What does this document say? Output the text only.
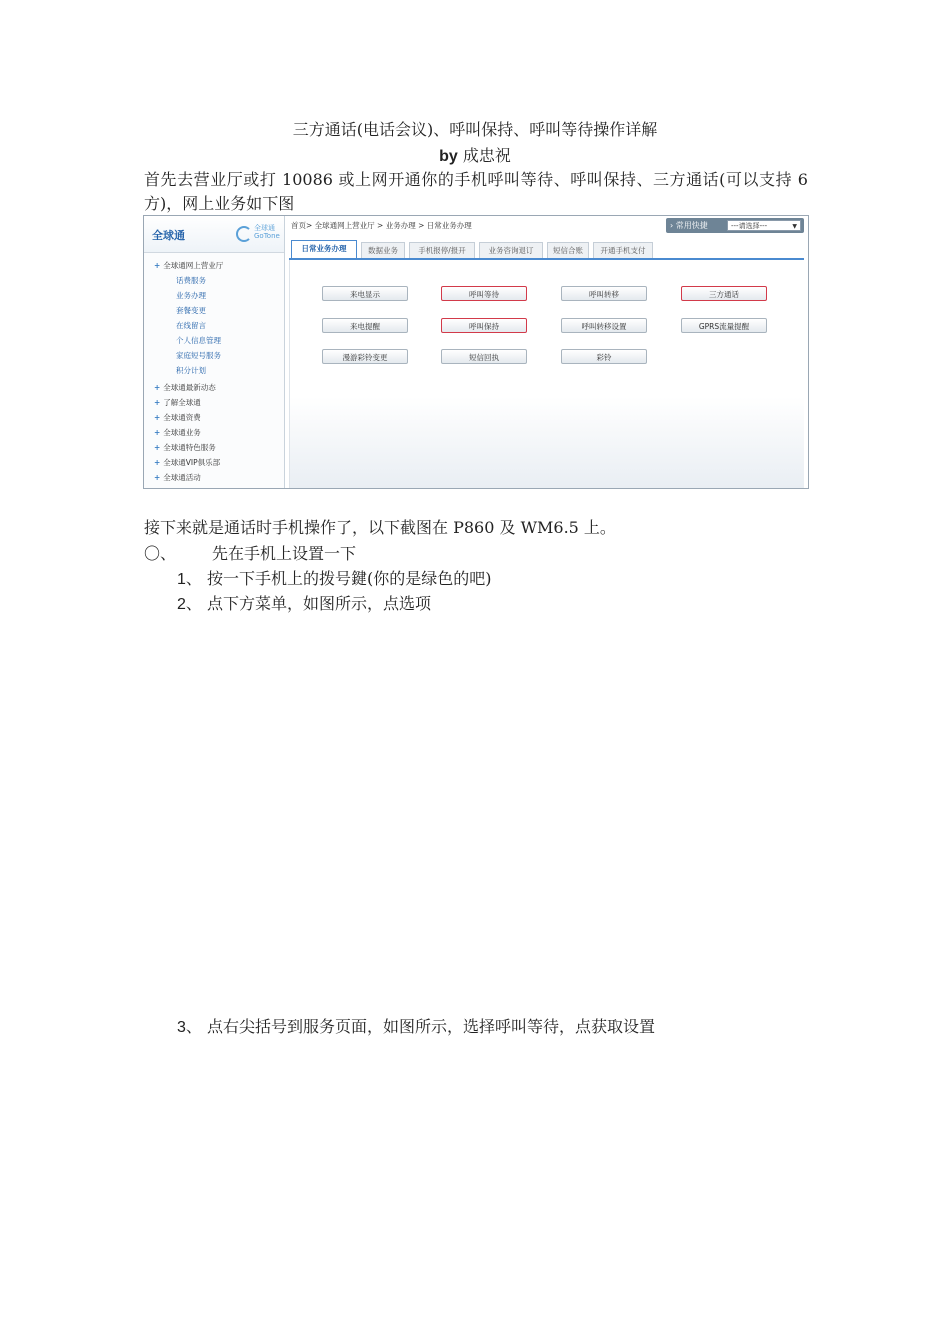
三方通话(电话会议)、呼叫保持、呼叫等待操作详解
by 成忠祝
首先去营业厅或打 10086 或上网开通你的手机呼叫等待、呼叫保持、三方通话(可以支持 6 方)，网上业务如下图
全球通
全球通 GoTone
+ 全球通网上营业厅
话费服务
业务办理
套餐变更
在线留言
个人信息管理
家庭短号服务
积分计划
+ 全球通最新动态
+ 了解全球通
+ 全球通资费
+ 全球通业务
+ 全球通特色服务
+ 全球通VIP俱乐部
+ 全球通活动
首页> 全球通网上营业厅 > 业务办理 > 日常业务办理	› 常用快捷	---请选择---	▼
日常业务办理	数据业务	手机报停/报开	业务咨询退订	短信合账	开通手机支付
来电显示	呼叫等待	呼叫转移	三方通话
来电提醒	呼叫保持	呼叫转移设置	GPRS流量提醒
漫游彩铃变更	短信回执	彩铃
接下来就是通话时手机操作了，以下截图在 P860 及 WM6.5 上。
〇、 先在手机上设置一下
1、 按一下手机上的拨号鍵(你的是绿色的吧)
2、 点下方菜单，如图所示，点选项
3、 点右尖括号到服务页面，如图所示，选择呼叫等待，点获取设置
